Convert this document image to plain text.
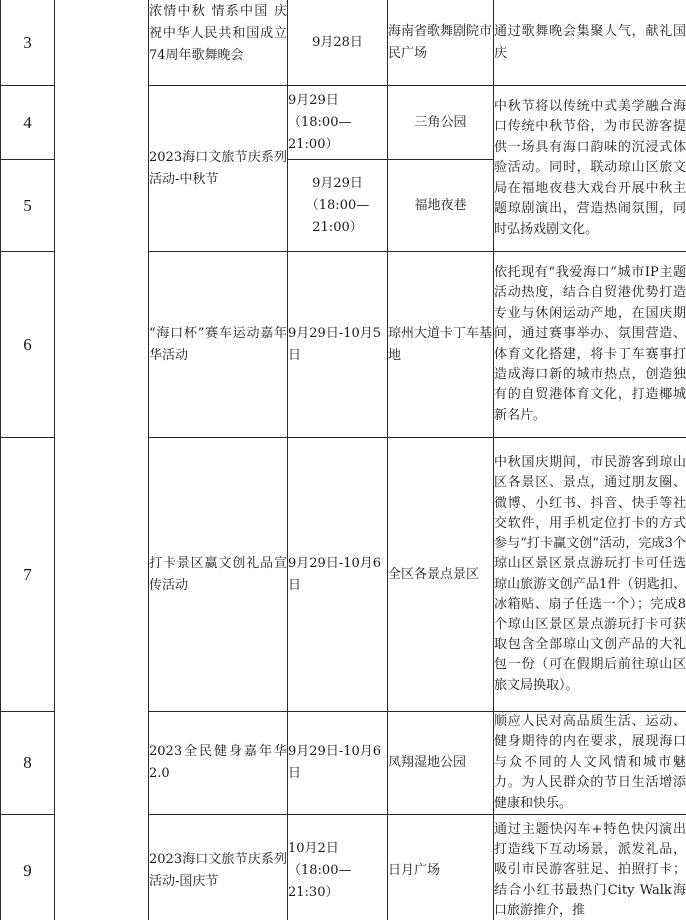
3		浓情中秋 情系中国 庆祝中华人民共和国成立74周年歌舞晚会	9月28日	海南省歌舞剧院市民广场	通过歌舞晚会集聚人气，献礼国庆

4		2023海口文旅节庆系列活动-中秋节	9月29日（18:00—21:00）	三角公园	中秋节将以传统中式美学融合海口传统中秋节俗，为市民游客提供一场具有海口韵味的沉浸式体验活动。同时，联动琼山区旅文局在福地夜巷大戏台开展中秋主题琼剧演出，营造热闹氛围，同时弘扬戏剧文化。

5			9月29日（18:00—21:00）	福地夜巷	

6		“海口杯”赛车运动嘉年华活动	9月29日-10月5日	琼州大道卡丁车基地	依托现有“我爱海口”城市IP主题活动热度，结合自贸港优势打造专业与休闲运动产地，在国庆期间，通过赛事举办、氛围营造、体育文化搭建，将卡丁车赛事打造成海口新的城市热点，创造独有的自贸港体育文化，打造椰城新名片。

7		打卡景区赢文创礼品宣传活动	9月29日-10月6日	全区各景点景区	中秋国庆期间，市民游客到琼山区各景区、景点，通过朋友圈、微博、小红书、抖音、快手等社交软件，用手机定位打卡的方式参与“打卡赢文创”活动，完成3个琼山区景区景点游玩打卡可任选琼山旅游文创产品1件（钥匙扣、冰箱贴、扇子任选一个）；完成8个琼山区景区景点游玩打卡可获取包含全部琼山文创产品的大礼包一份（可在假期后前往琼山区旅文局换取）。

8		2023全民健身嘉年华2.0	9月29日-10月6日	凤翔湿地公园	顺应人民对高品质生活、运动、健身期待的内在要求，展现海口与众不同的人文风情和城市魅力。为人民群众的节日生活增添健康和快乐。

9		2023海口文旅节庆系列活动-国庆节	10月2日（18:00—21:30）	日月广场	通过主题快闪车+特色快闪演出打造线下互动场景，派发礼品，吸引市民游客驻足、拍照打卡；结合小红书最热门City Walk海口旅游推介，推
